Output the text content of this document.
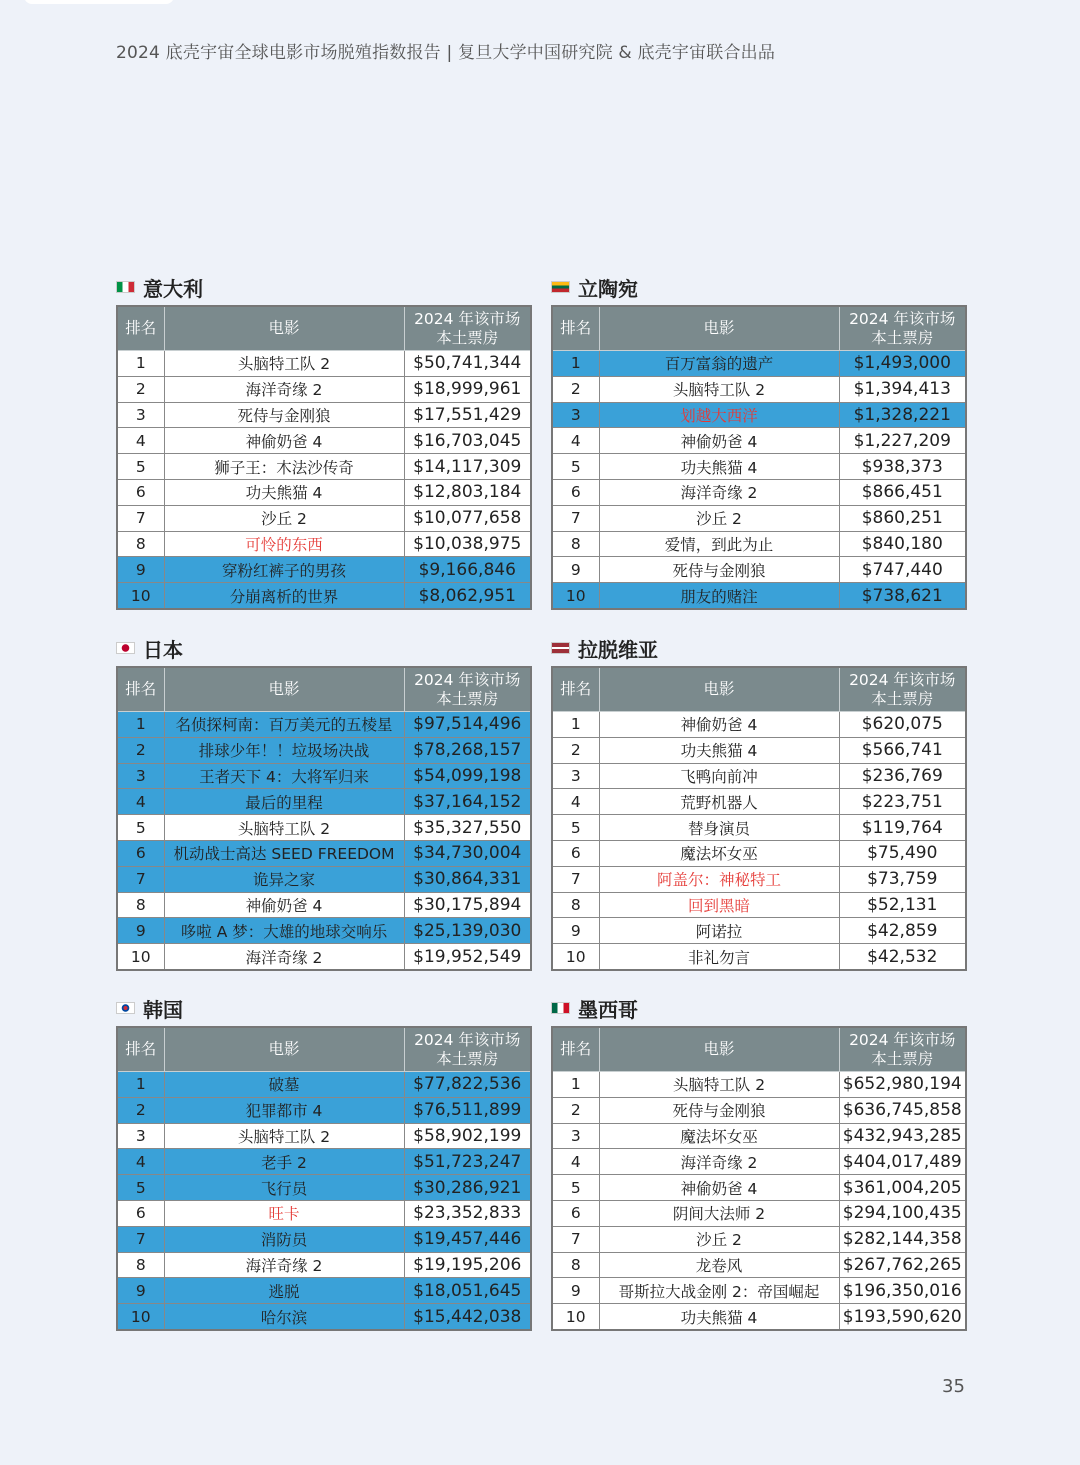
2024 底壳宇宙全球电影市场脱殖指数报告 | 复旦大学中国研究院 & 底壳宇宙联合出品
意大利
排名	电影	2024 年该市场
本土票房

1	头脑特工队 2	$50,741,344
2	海洋奇缘 2	$18,999,961
3	死侍与金刚狼	$17,551,429
4	神偷奶爸 4	$16,703,045
5	狮子王：木法沙传奇	$14,117,309
6	功夫熊猫 4	$12,803,184
7	沙丘 2	$10,077,658
8	可怜的东西	$10,038,975
9	穿粉红裤子的男孩	$9,166,846
10	分崩离析的世界	$8,062,951
立陶宛
排名	电影	2024 年该市场
本土票房

1	百万富翁的遗产	$1,493,000
2	头脑特工队 2	$1,394,413
3	划越大西洋	$1,328,221
4	神偷奶爸 4	$1,227,209
5	功夫熊猫 4	$938,373
6	海洋奇缘 2	$866,451
7	沙丘 2	$860,251
8	爱情，到此为止	$840,180
9	死侍与金刚狼	$747,440
10	朋友的赌注	$738,621
日本
排名	电影	2024 年该市场
本土票房

1	名侦探柯南：百万美元的五棱星	$97,514,496
2	排球少年！！垃圾场决战	$78,268,157
3	王者天下 4：大将军归来	$54,099,198
4	最后的里程	$37,164,152
5	头脑特工队 2	$35,327,550
6	机动战士高达 SEED FREEDOM	$34,730,004
7	诡异之家	$30,864,331
8	神偷奶爸 4	$30,175,894
9	哆啦 A 梦：大雄的地球交响乐	$25,139,030
10	海洋奇缘 2	$19,952,549
拉脱维亚
排名	电影	2024 年该市场
本土票房

1	神偷奶爸 4	$620,075
2	功夫熊猫 4	$566,741
3	飞鸭向前冲	$236,769
4	荒野机器人	$223,751
5	替身演员	$119,764
6	魔法坏女巫	$75,490
7	阿盖尔：神秘特工	$73,759
8	回到黑暗	$52,131
9	阿诺拉	$42,859
10	非礼勿言	$42,532
韩国
排名	电影	2024 年该市场
本土票房

1	破墓	$77,822,536
2	犯罪都市 4	$76,511,899
3	头脑特工队 2	$58,902,199
4	老手 2	$51,723,247
5	飞行员	$30,286,921
6	旺卡	$23,352,833
7	消防员	$19,457,446
8	海洋奇缘 2	$19,195,206
9	逃脱	$18,051,645
10	哈尔滨	$15,442,038
墨西哥
排名	电影	2024 年该市场
本土票房

1	头脑特工队 2	$652,980,194
2	死侍与金刚狼	$636,745,858
3	魔法坏女巫	$432,943,285
4	海洋奇缘 2	$404,017,489
5	神偷奶爸 4	$361,004,205
6	阴间大法师 2	$294,100,435
7	沙丘 2	$282,144,358
8	龙卷风	$267,762,265
9	哥斯拉大战金刚 2：帝国崛起	$196,350,016
10	功夫熊猫 4	$193,590,620
35
